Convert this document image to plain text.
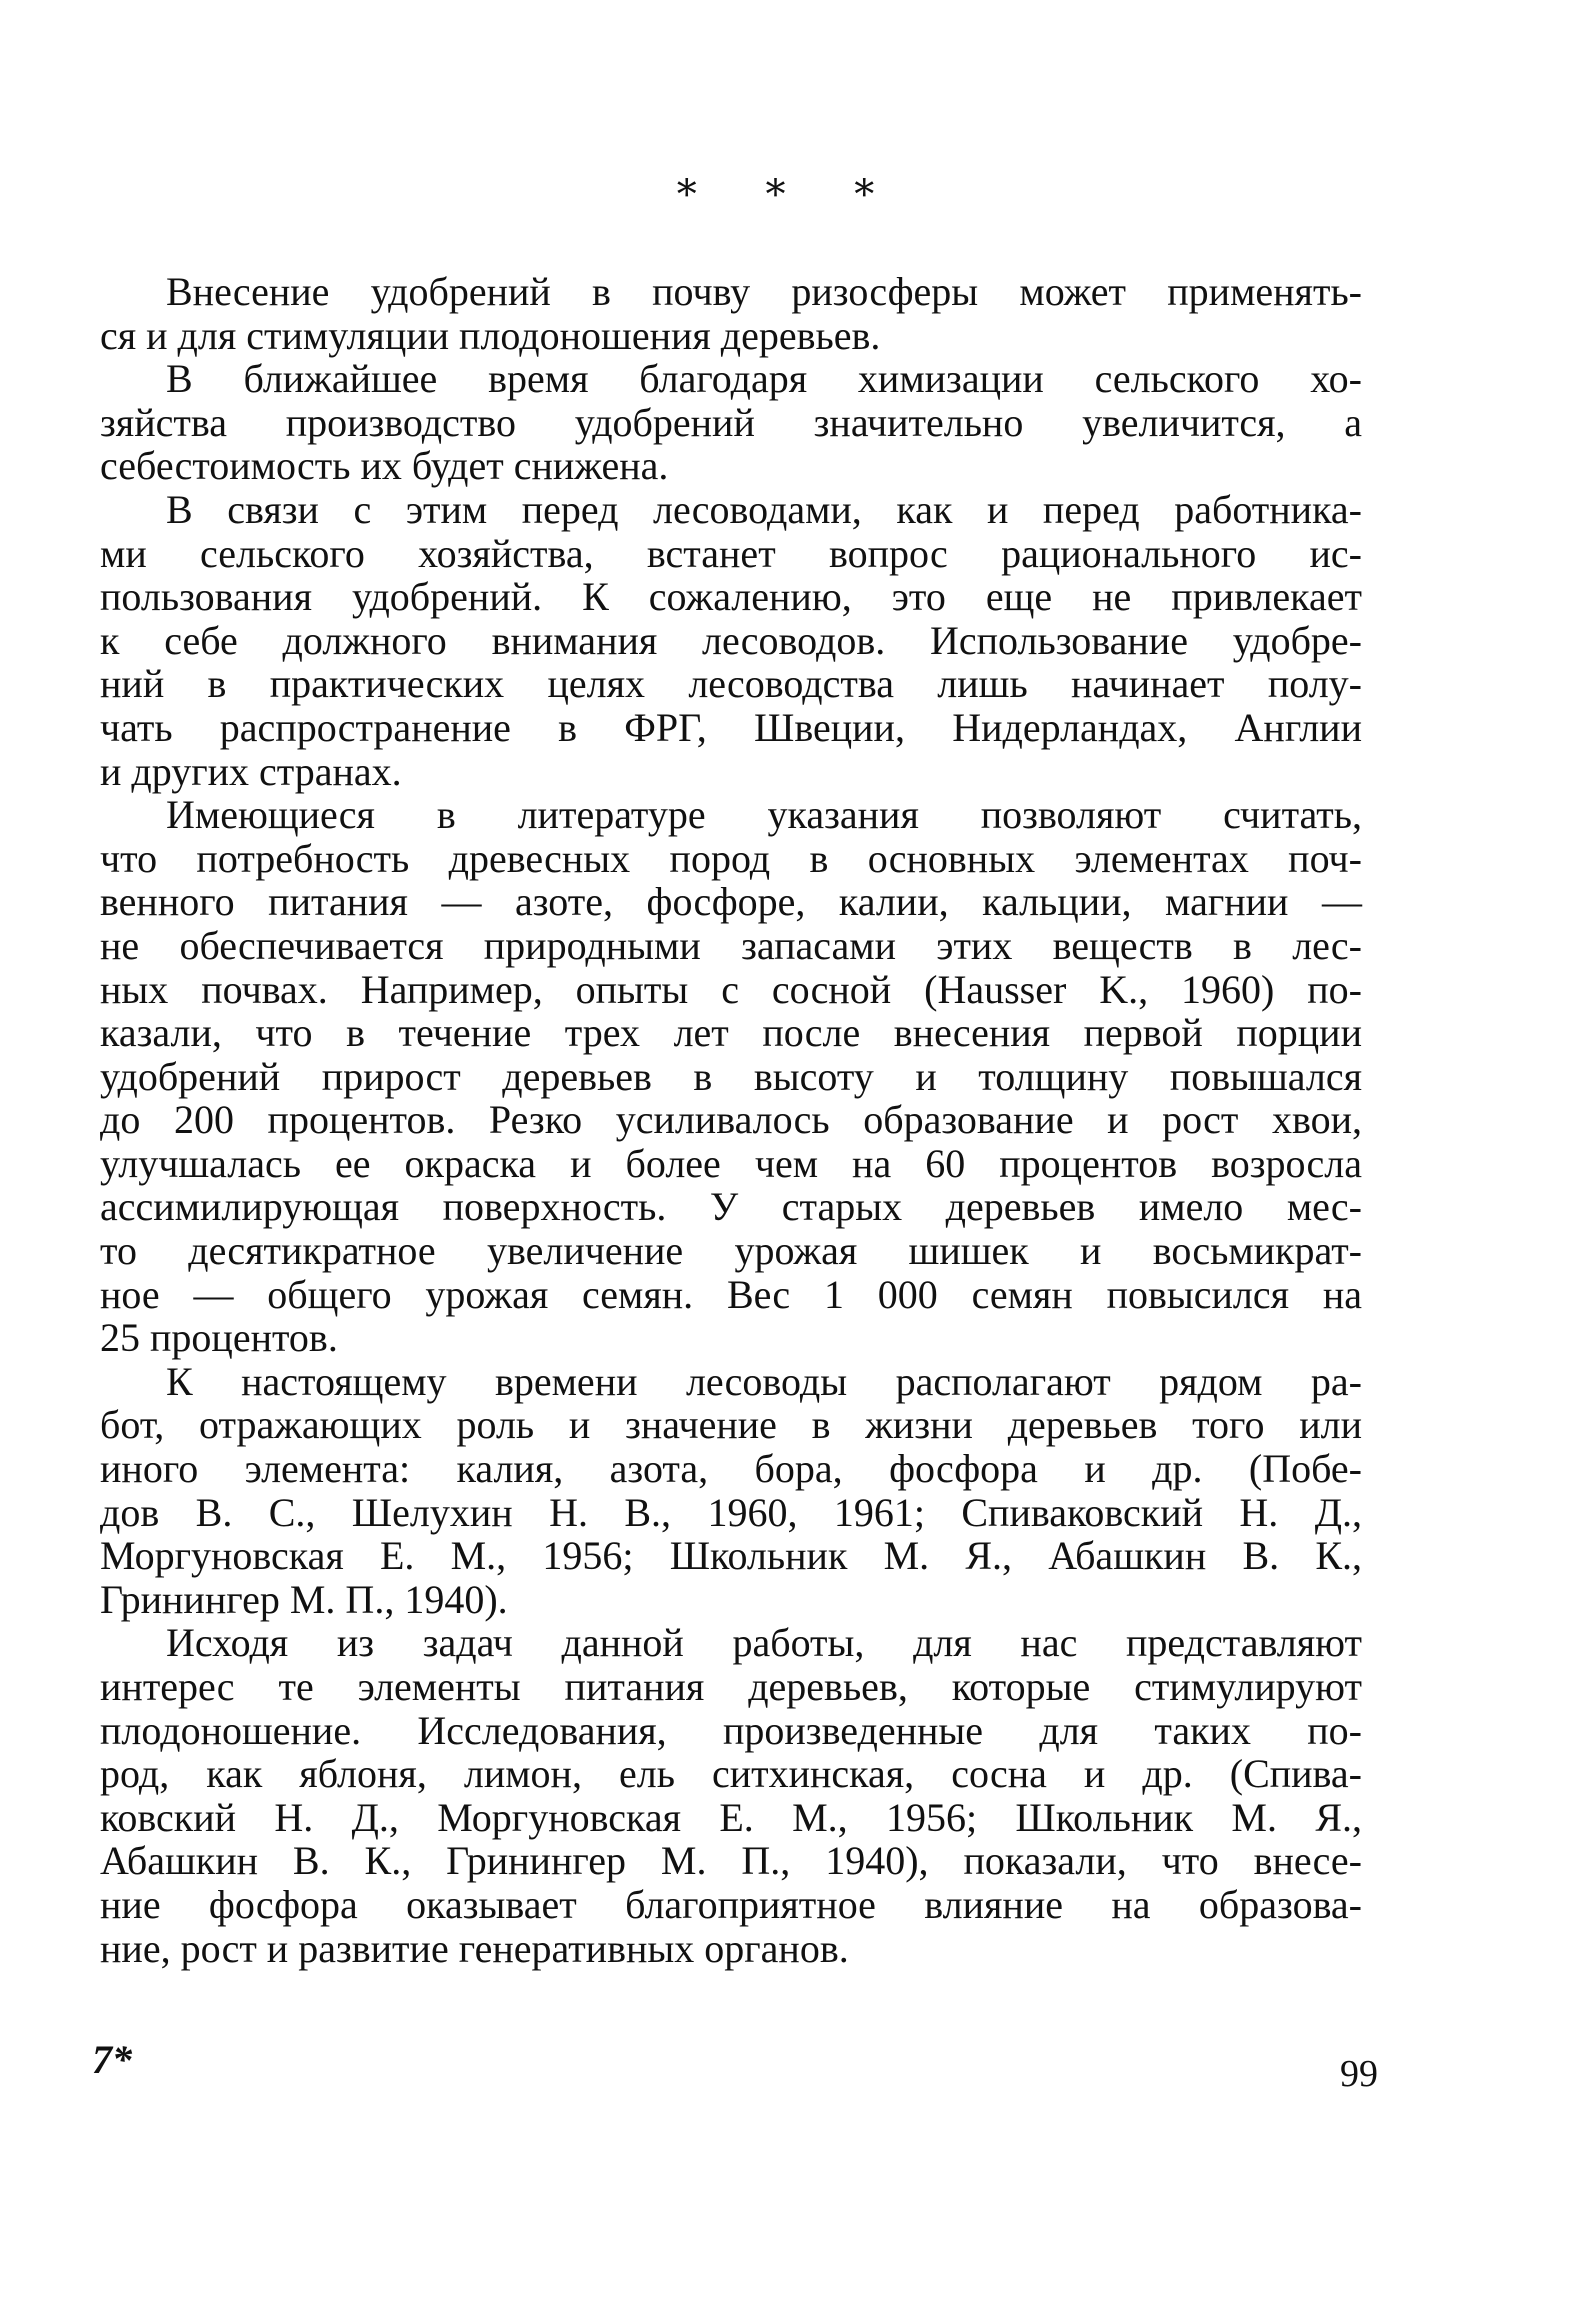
* * *
Внесение удобрений в почву ризосферы может применять-
ся и для стимуляции плодоношения деревьев.
В ближайшее время благодаря химизации сельского хо-
зяйства производство удобрений значительно увеличится, а
себестоимость их будет снижена.
В связи с этим перед лесоводами, как и перед работника-
ми сельского хозяйства, встанет вопрос рационального ис-
пользования удобрений. К сожалению, это еще не привлекает
к себе должного внимания лесоводов. Использование удобре-
ний в практических целях лесоводства лишь начинает полу-
чать распространение в ФРГ, Швеции, Нидерландах, Англии
и других странах.
Имеющиеся в литературе указания позволяют считать,
что потребность древесных пород в основных элементах поч-
венного питания — азоте, фосфоре, калии, кальции, магнии —
не обеспечивается природными запасами этих веществ в лес-
ных почвах. Например, опыты с сосной (Hausser K., 1960) по-
казали, что в течение трех лет после внесения первой порции
удобрений прирост деревьев в высоту и толщину повышался
до 200 процентов. Резко усиливалось образование и рост хвои,
улучшалась ее окраска и более чем на 60 процентов возросла
ассимилирующая поверхность. У старых деревьев имело мес-
то десятикратное увеличение урожая шишек и восьмикрат-
ное — общего урожая семян. Вес 1 000 семян повысился на
25 процентов.
К настоящему времени лесоводы располагают рядом ра-
бот, отражающих роль и значение в жизни деревьев того или
иного элемента: калия, азота, бора, фосфора и др. (Побе-
дов В. С., Шелухин Н. В., 1960, 1961; Спиваковский Н. Д.,
Моргуновская Е. М., 1956; Школьник М. Я., Абашкин В. К.,
Гринингер М. П., 1940).
Исходя из задач данной работы, для нас представляют
интерес те элементы питания деревьев, которые стимулируют
плодоношение. Исследования, произведенные для таких по-
род, как яблоня, лимон, ель ситхинская, сосна и др. (Спива-
ковский Н. Д., Моргуновская Е. М., 1956; Школьник М. Я.,
Абашкин В. К., Гринингер М. П., 1940), показали, что внесе-
ние фосфора оказывает благоприятное влияние на образова-
ние, рост и развитие генеративных органов.
7*	99
